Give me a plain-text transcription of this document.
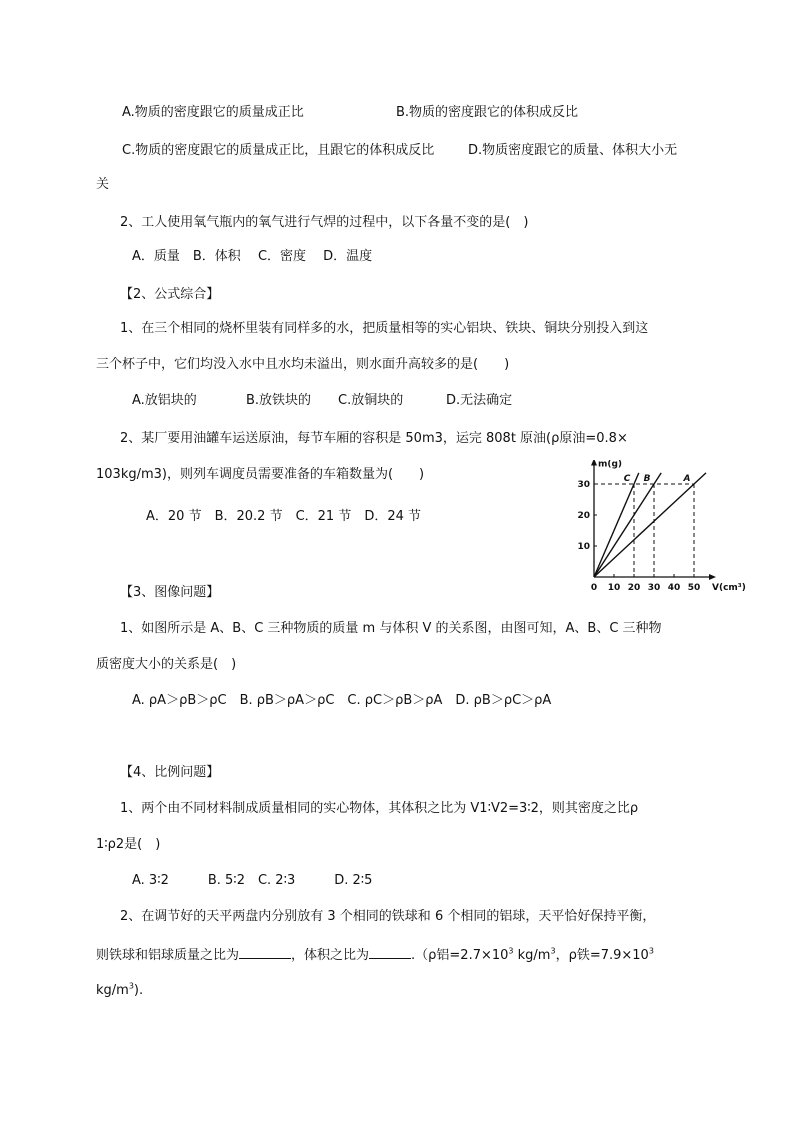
A.物质的密度跟它的质量成正比	B.物质的密度跟它的体积成反比
C.物质的密度跟它的质量成正比，且跟它的体积成反比	D.物质密度跟它的质量、体积大小无
关
2、工人使用氧气瓶内的氧气进行气焊的过程中，以下各量不变的是(　)
A．质量　B．体积　 C．密度　 D．温度
【2、公式综合】
1、在三个相同的烧杯里装有同样多的水，把质量相等的实心铝块、铁块、铜块分别投入到这
三个杯子中，它们均没入水中且水均未溢出，则水面升高较多的是(　　)
A.放铝块的	B.放铁块的 C.放铜块的	D.无法确定
2、某厂要用油罐车运送原油，每节车厢的容积是 50m3，运完 808t 原油(ρ原油=0.8×
103kg/m3)，则列车调度员需要准备的车箱数量为(　　)
A．20 节　B．20.2 节　C．21 节　D．24 节
0 10 20 30 40 50
10
20
30
m(g)
V(cm³)
C B	A
【3、图像问题】
1、如图所示是 A、B、C 三种物质的质量 m 与体积 V 的关系图，由图可知，A、B、C 三种物
质密度大小的关系是(　)
A. ρA＞ρB＞ρC　B. ρB＞ρA＞ρC　C. ρC＞ρB＞ρA　D. ρB＞ρC＞ρA
【4、比例问题】
1、两个由不同材料制成质量相同的实心物体，其体积之比为 V1∶V2=3∶2，则其密度之比ρ
1∶ρ2是(　)
A. 3∶2　　　B. 5∶2　C. 2∶3　　　D. 2∶5
2、在调节好的天平两盘内分别放有 3 个相同的铁球和 6 个相同的铝球，天平恰好保持平衡，
则铁球和铝球质量之比为	，体积之比为	.（ρ铝$=2.7\times 10^3$ $kg/m^3$，ρ铁$=7.9\times 10^3$
$kg/m^3$).
